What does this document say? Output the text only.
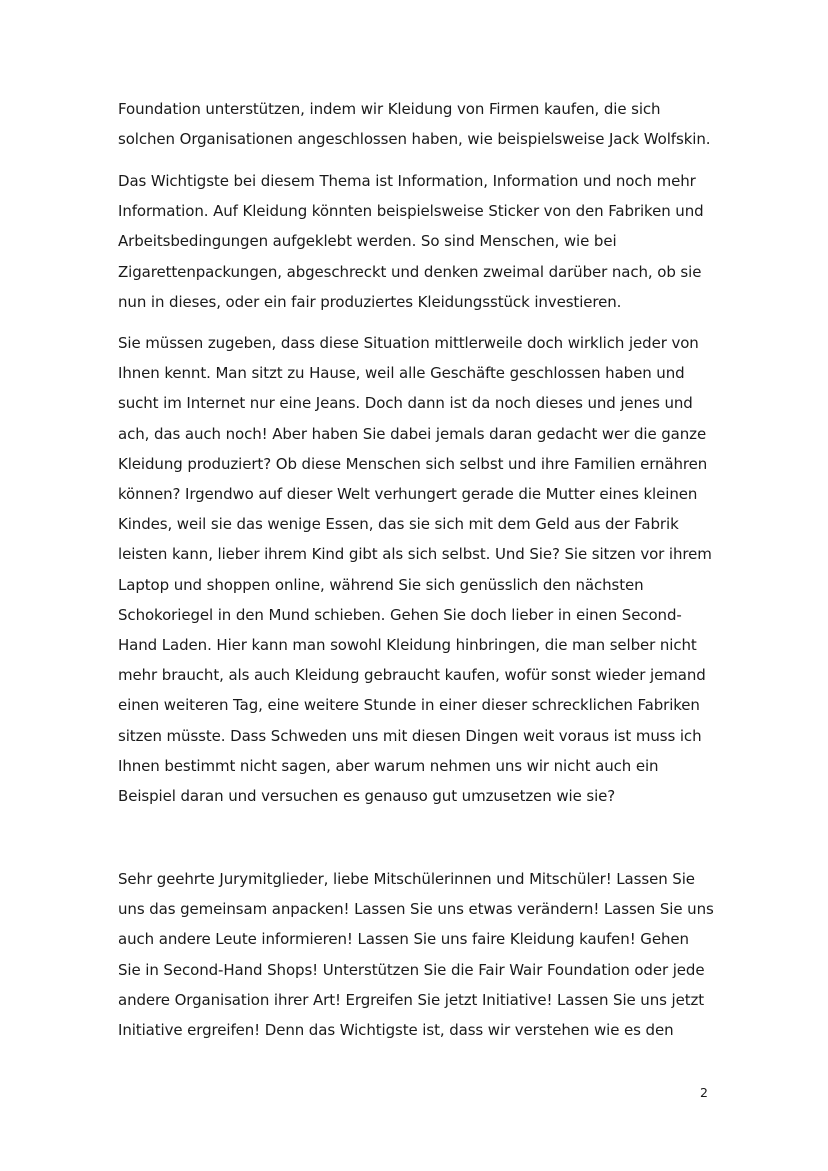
Foundation unterstützen, indem wir Kleidung von Firmen kaufen, die sich
solchen Organisationen angeschlossen haben, wie beispielsweise Jack Wolfskin.

Das Wichtigste bei diesem Thema ist Information, Information und noch mehr
Information. Auf Kleidung könnten beispielsweise Sticker von den Fabriken und
Arbeitsbedingungen aufgeklebt werden. So sind Menschen, wie bei
Zigarettenpackungen, abgeschreckt und denken zweimal darüber nach, ob sie
nun in dieses, oder ein fair produziertes Kleidungsstück investieren.

Sie müssen zugeben, dass diese Situation mittlerweile doch wirklich jeder von
Ihnen kennt. Man sitzt zu Hause, weil alle Geschäfte geschlossen haben und
sucht im Internet nur eine Jeans. Doch dann ist da noch dieses und jenes und
ach, das auch noch! Aber haben Sie dabei jemals daran gedacht wer die ganze
Kleidung produziert? Ob diese Menschen sich selbst und ihre Familien ernähren
können? Irgendwo auf dieser Welt verhungert gerade die Mutter eines kleinen
Kindes, weil sie das wenige Essen, das sie sich mit dem Geld aus der Fabrik
leisten kann, lieber ihrem Kind gibt als sich selbst. Und Sie? Sie sitzen vor ihrem
Laptop und shoppen online, während Sie sich genüsslich den nächsten
Schokoriegel in den Mund schieben. Gehen Sie doch lieber in einen Second-
Hand Laden. Hier kann man sowohl Kleidung hinbringen, die man selber nicht
mehr braucht, als auch Kleidung gebraucht kaufen, wofür sonst wieder jemand
einen weiteren Tag, eine weitere Stunde in einer dieser schrecklichen Fabriken
sitzen müsste. Dass Schweden uns mit diesen Dingen weit voraus ist muss ich
Ihnen bestimmt nicht sagen, aber warum nehmen uns wir nicht auch ein
Beispiel daran und versuchen es genauso gut umzusetzen wie sie?

Sehr geehrte Jurymitglieder, liebe Mitschülerinnen und Mitschüler! Lassen Sie
uns das gemeinsam anpacken! Lassen Sie uns etwas verändern! Lassen Sie uns
auch andere Leute informieren! Lassen Sie uns faire Kleidung kaufen! Gehen
Sie in Second-Hand Shops! Unterstützen Sie die Fair Wair Foundation oder jede
andere Organisation ihrer Art! Ergreifen Sie jetzt Initiative! Lassen Sie uns jetzt
Initiative ergreifen! Denn das Wichtigste ist, dass wir verstehen wie es den

2
